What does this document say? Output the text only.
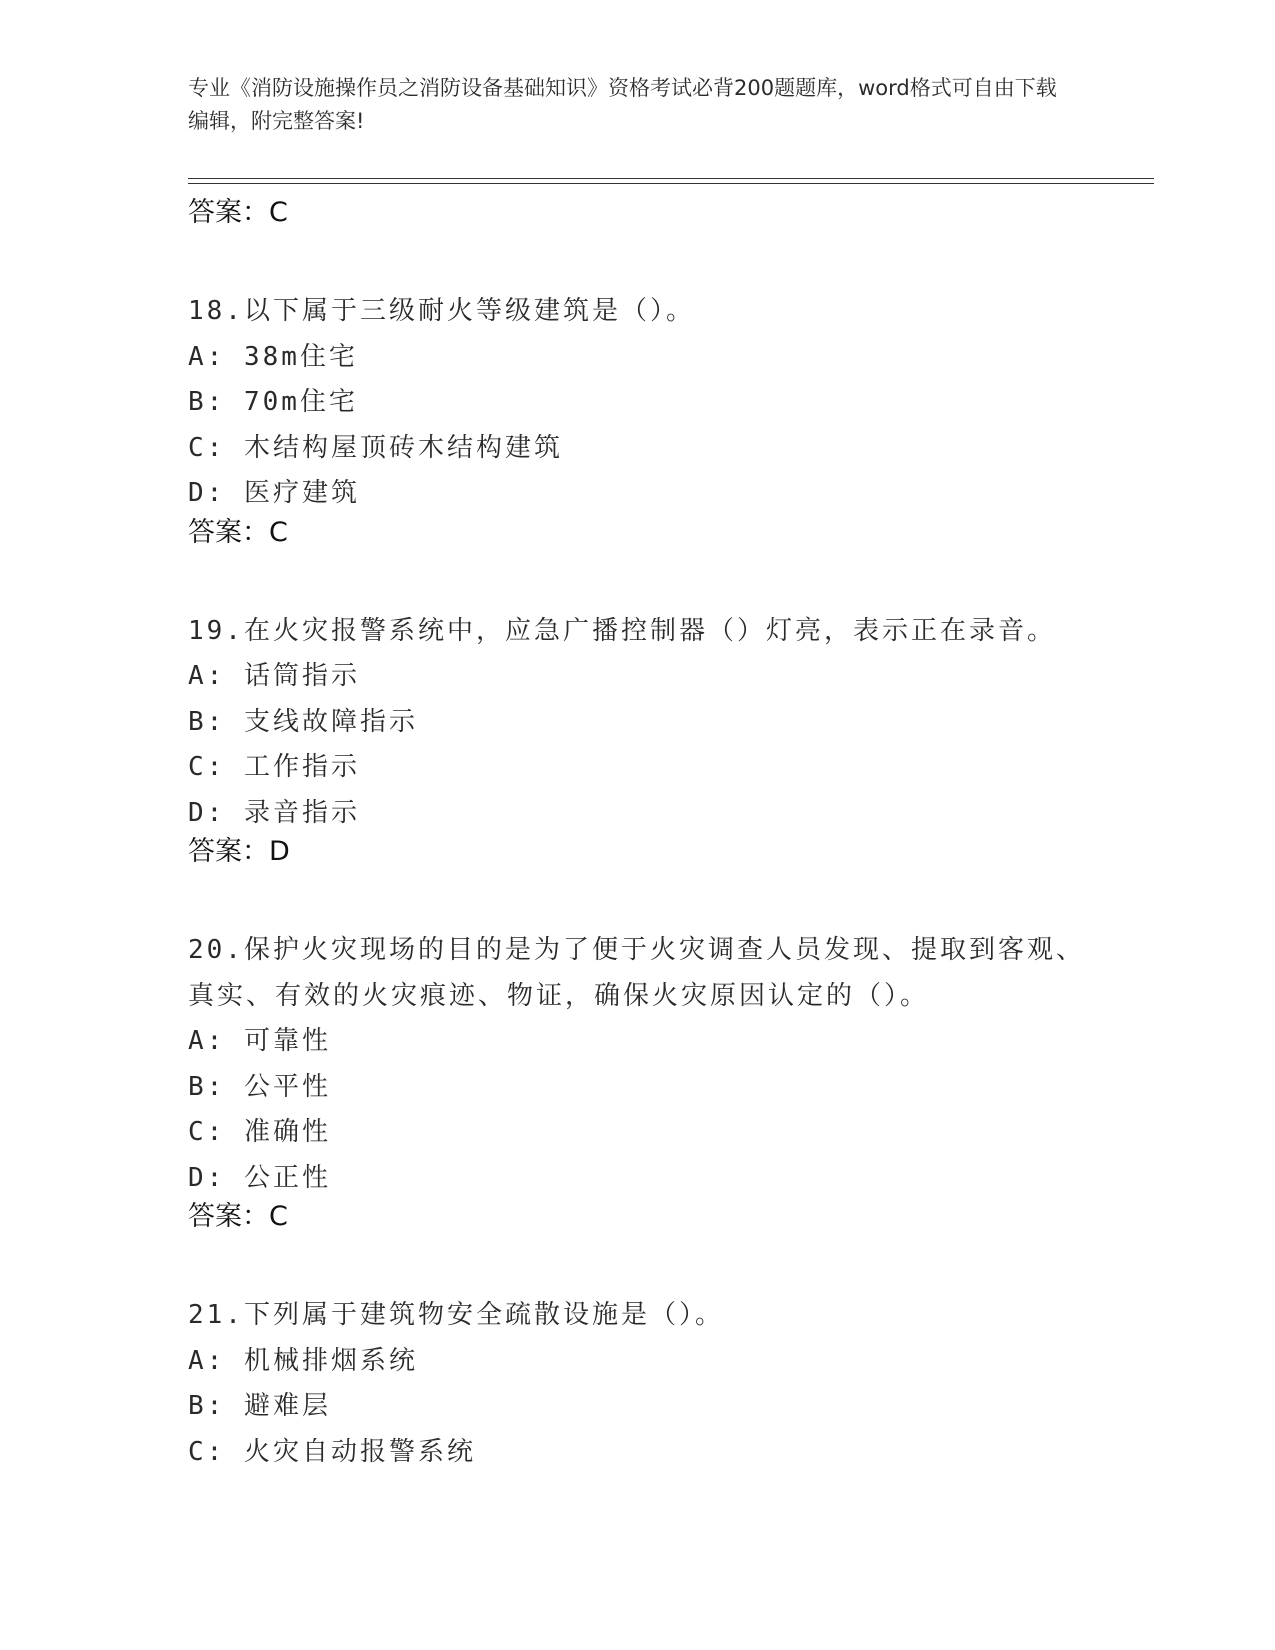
专业《消防设施操作员之消防设备基础知识》资格考试必背200题题库，word格式可自由下载编辑，附完整答案!
答案：C
18.以下属于三级耐火等级建筑是（）。
A: 38m住宅
B: 70m住宅
C: 木结构屋顶砖木结构建筑
D: 医疗建筑
答案：C
19.在火灾报警系统中，应急广播控制器（）灯亮，表示正在录音。
A: 话筒指示
B: 支线故障指示
C: 工作指示
D: 录音指示
答案：D
20.保护火灾现场的目的是为了便于火灾调查人员发现、提取到客观、真实、有效的火灾痕迹、物证，确保火灾原因认定的（）。
A: 可靠性
B: 公平性
C: 准确性
D: 公正性
答案：C
21.下列属于建筑物安全疏散设施是（）。
A: 机械排烟系统
B: 避难层
C: 火灾自动报警系统
